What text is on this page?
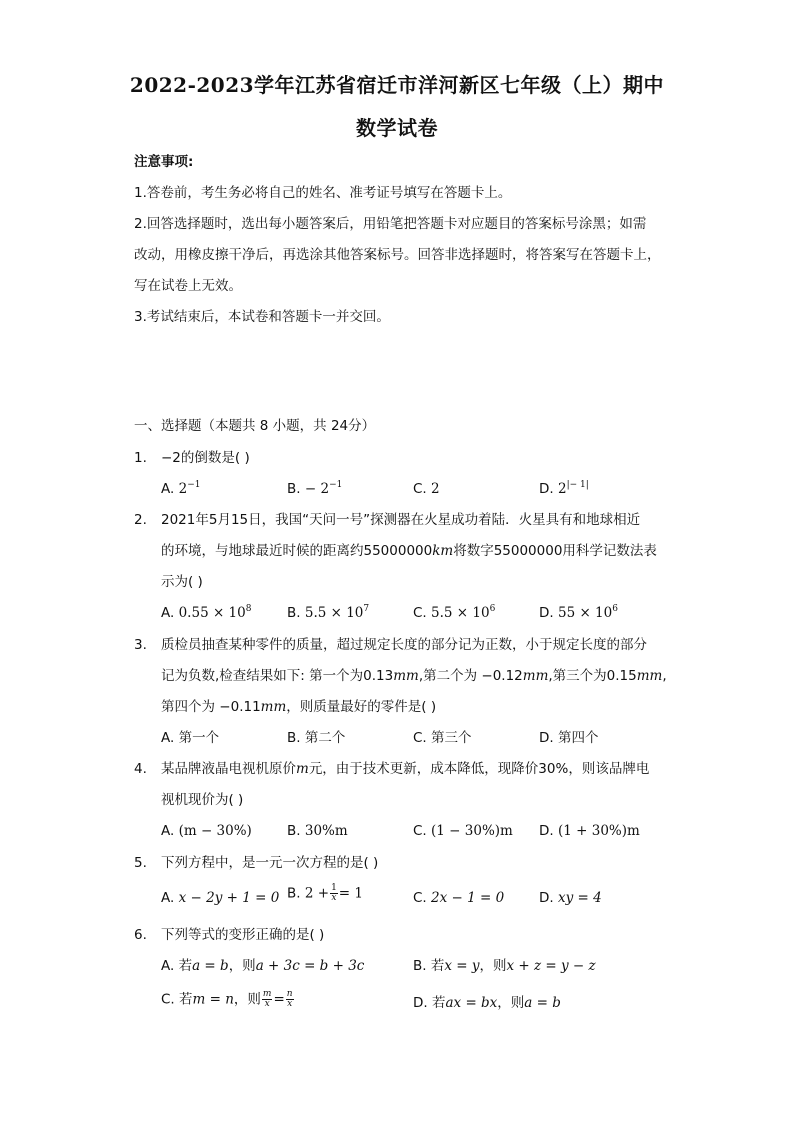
2022-2023学年江苏省宿迁市洋河新区七年级（上）期中
数学试卷
注意事项:
1.答卷前，考生务必将自己的姓名、准考证号填写在答题卡上。
2.回答选择题时，选出每小题答案后，用铅笔把答题卡对应题目的答案标号涂黑；如需
改动，用橡皮擦干净后，再选涂其他答案标号。回答非选择题时，将答案写在答题卡上，
写在试卷上无效。
3.考试结束后，本试卷和答题卡一并交回。
一、选择题（本题共 8 小题，共 24分）
1. −2的倒数是( )
A. $2^{-1}$	B. − $2^{-1}$	C. 2	D. $2^{|- 1|}$
2. 2021年5月15日，我国“天问一号”探测器在火星成功着陆．火星具有和地球相近
的环境，与地球最近时候的距离约55000000km将数字55000000用科学记数法表
示为( )
A. $0.55 \times 10^8$	B. $5.5 \times 10^7$	C. $5.5 \times 10^6$	D. $55 \times 10^6$
3. 质检员抽查某种零件的质量，超过规定长度的部分记为正数，小于规定长度的部分
记为负数,检查结果如下: 第一个为0.13mm,第二个为 −0.12mm,第三个为0.15mm,
第四个为 −0.11mm，则质量最好的零件是( )
A. 第一个	B. 第二个	C. 第三个	D. 第四个
4. 某品牌液晶电视机原价m元，由于技术更新，成本降低，现降价30%，则该品牌电
视机现价为( )
A. (m − 30%)	B. 30%m	C. (1 − 30%)m D. (1 + 30%)m
5. 下列方程中，是一元一次方程的是( )
A. x − 2y + 1 = 0 B. $2 + \frac{1}{x} = 1$	C. 2x − 1 = 0	D. xy = 4
6. 下列等式的变形正确的是( )
A. 若a = b，则a + 3c = b + 3c	B. 若x = y，则x + z = y − z
C. 若m = n，则 $\frac{m}{x} = \frac{n}{x}$	D. 若ax = bx，则a = b
